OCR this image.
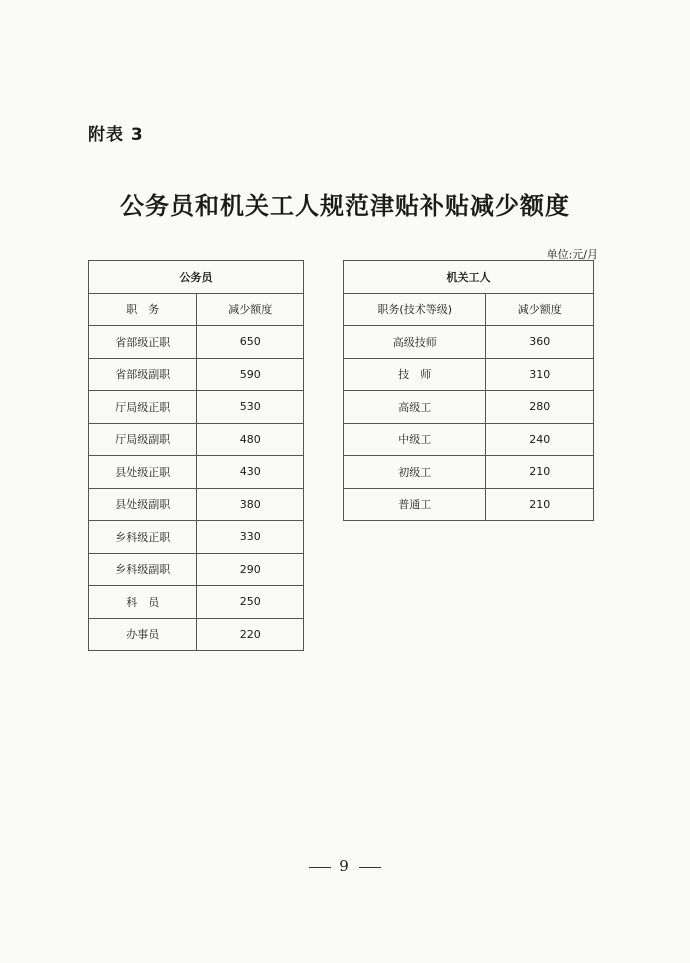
附表 3
公务员和机关工人规范津贴补贴减少额度
单位:元/月
公务员	
职　务	减少额度
省部级正职	650
省部级副职	590
厅局级正职	530
厅局级副职	480
县处级正职	430
县处级副职	380
乡科级正职	330
乡科级副职	290
科　员	250
办事员	220
机关工人	
职务(技术等级)	减少额度
高级技师	360
技　师	310
高级工	280
中级工	240
初级工	210
普通工	210
9
